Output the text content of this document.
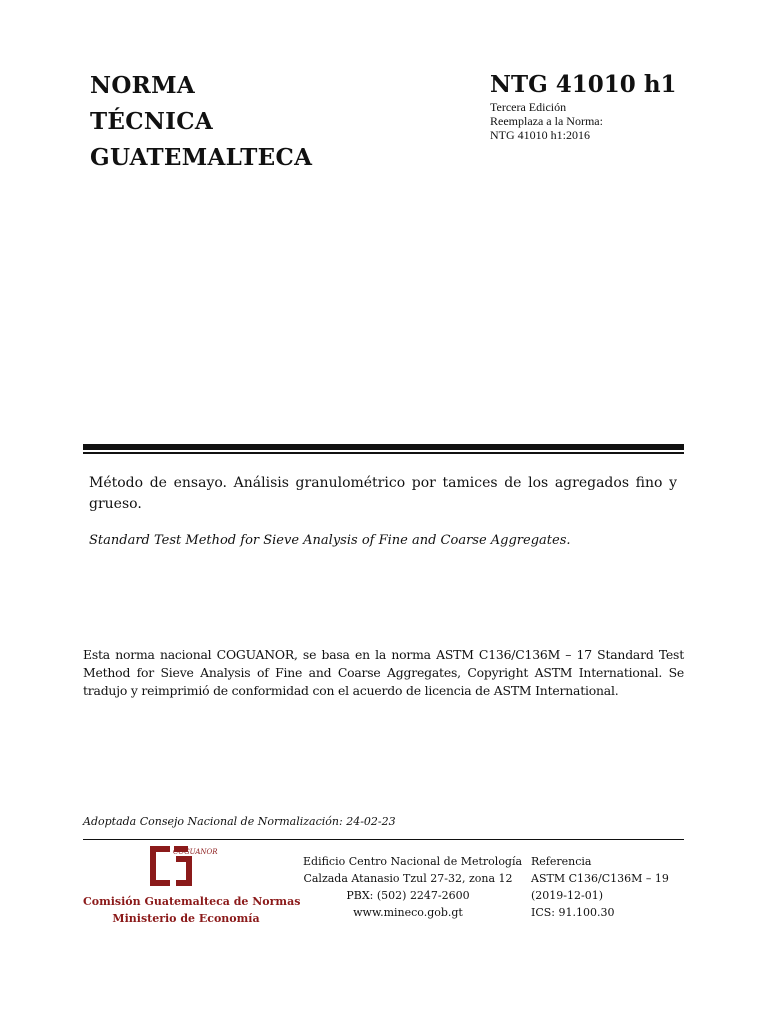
NORMA
TÉCNICA
GUATEMALTECA
NTG 41010 h1
Tercera Edición
Reemplaza a la Norma:
NTG 41010 h1:2016
Método de ensayo. Análisis granulométrico por tamices de los agregados fino y grueso.
Standard Test Method for Sieve Analysis of Fine and Coarse Aggregates.
Esta norma nacional COGUANOR, se basa en la norma ASTM C136/C136M – 17 Standard Test Method for Sieve Analysis of Fine and Coarse Aggregates, Copyright ASTM International. Se tradujo y reimprimió de conformidad con el acuerdo de licencia de ASTM International.
Adoptada Consejo Nacional de Normalización: 24-02-23
COGUANOR
Comisión Guatemalteca de Normas
Ministerio de Economía
Edificio Centro Nacional de Metrología
Calzada Atanasio Tzul 27-32, zona 12
PBX: (502) 2247-2600
www.mineco.gob.gt
Referencia
ASTM C136/C136M – 19
(2019-12-01)
ICS: 91.100.30
